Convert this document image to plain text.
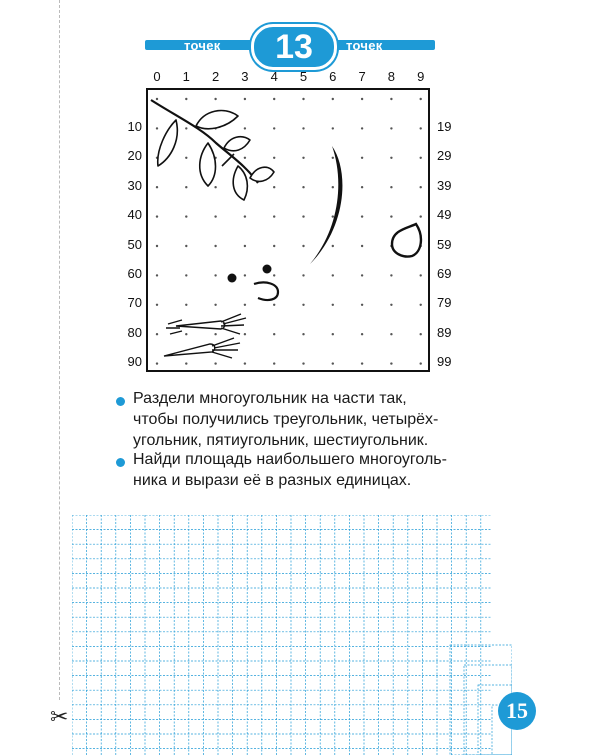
✂
точек	точек
13
0 1 2 3 4 5 6 7 8 9
10
20
30
40
50
60
70
80
90
19
29
39
49
59
69
79
89
99
Раздели многоугольник на части так,
чтобы получились треугольник, четырёх-
угольник, пятиугольник, шестиугольник.
Найди площадь наибольшего многоуголь-
ника и вырази её в разных единицах.
15
